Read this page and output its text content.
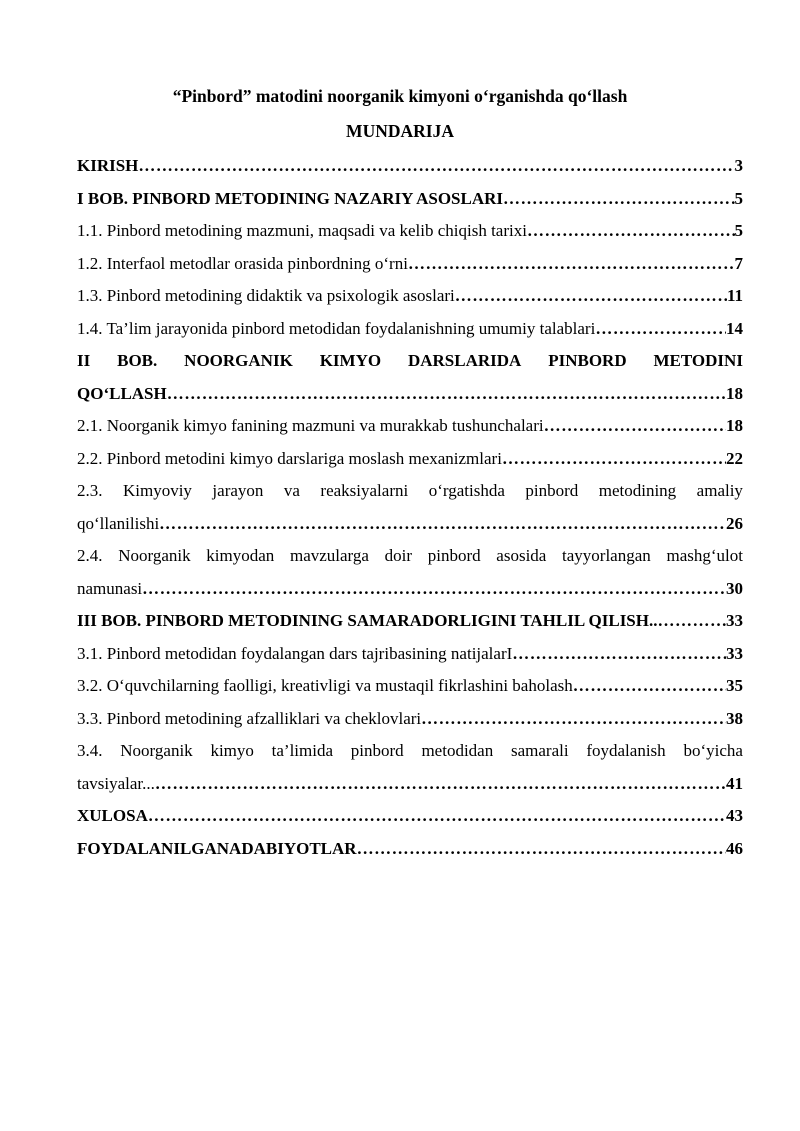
“Pinbord” matodini noorganik kimyoni o‘rganishda qo‘llash
MUNDARIJA
KIRISH ……………………………………………………………………………………………………………………………………………………………………………………………	3
I BOB. PINBORD METODINING NAZARIY ASOSLARI ……………………………………………………………………………………………………………………………………………………………………………………………	5
1.1. Pinbord metodining mazmuni, maqsadi va kelib chiqish tarixi ……………………………………………………………………………………………………………………………………………………………………………………………	5
1.2. Interfaol metodlar orasida pinbordning o‘rni ……………………………………………………………………………………………………………………………………………………………………………………………	7
1.3. Pinbord metodining didaktik va psixologik asoslari ……………………………………………………………………………………………………………………………………………………………………………………………	11
1.4. Ta’lim jarayonida pinbord metodidan foydalanishning umumiy talablari ……………………………………………………………………………………………………………………………………………………………………………………………	14
II BOB. NOORGANIK KIMYO DARSLARIDA PINBORD METODINI
QO‘LLASH ……………………………………………………………………………………………………………………………………………………………………………………………	18
2.1. Noorganik kimyo fanining mazmuni va murakkab tushunchalari ……………………………………………………………………………………………………………………………………………………………………………………………	18
2.2. Pinbord metodini kimyo darslariga moslash mexanizmlari ……………………………………………………………………………………………………………………………………………………………………………………………	22
2.3. Kimyoviy jarayon va reaksiyalarni o‘rgatishda pinbord metodining amaliy
qo‘llanilishi ……………………………………………………………………………………………………………………………………………………………………………………………	26
2.4. Noorganik kimyodan mavzularga doir pinbord asosida tayyorlangan mashg‘ulot
namunasi ……………………………………………………………………………………………………………………………………………………………………………………………	30
III BOB. PINBORD METODINING SAMARADORLIGINI TAHLIL QILISH.. ……………………………………………………………………………………………………………………………………………………………………………………………	33
3.1. Pinbord metodidan foydalangan dars tajribasining natijalarI ……………………………………………………………………………………………………………………………………………………………………………………………	33
3.2. O‘quvchilarning faolligi, kreativligi va mustaqil fikrlashini baholash ……………………………………………………………………………………………………………………………………………………………………………………………	35
3.3. Pinbord metodining afzalliklari va cheklovlari ……………………………………………………………………………………………………………………………………………………………………………………………	38
3.4. Noorganik kimyo ta’limida pinbord metodidan samarali foydalanish bo‘yicha
tavsiyalar... ……………………………………………………………………………………………………………………………………………………………………………………………	41
XULOSA ……………………………………………………………………………………………………………………………………………………………………………………………	43
FOYDALANILGANADABIYOTLAR ……………………………………………………………………………………………………………………………………………………………………………………………	46
